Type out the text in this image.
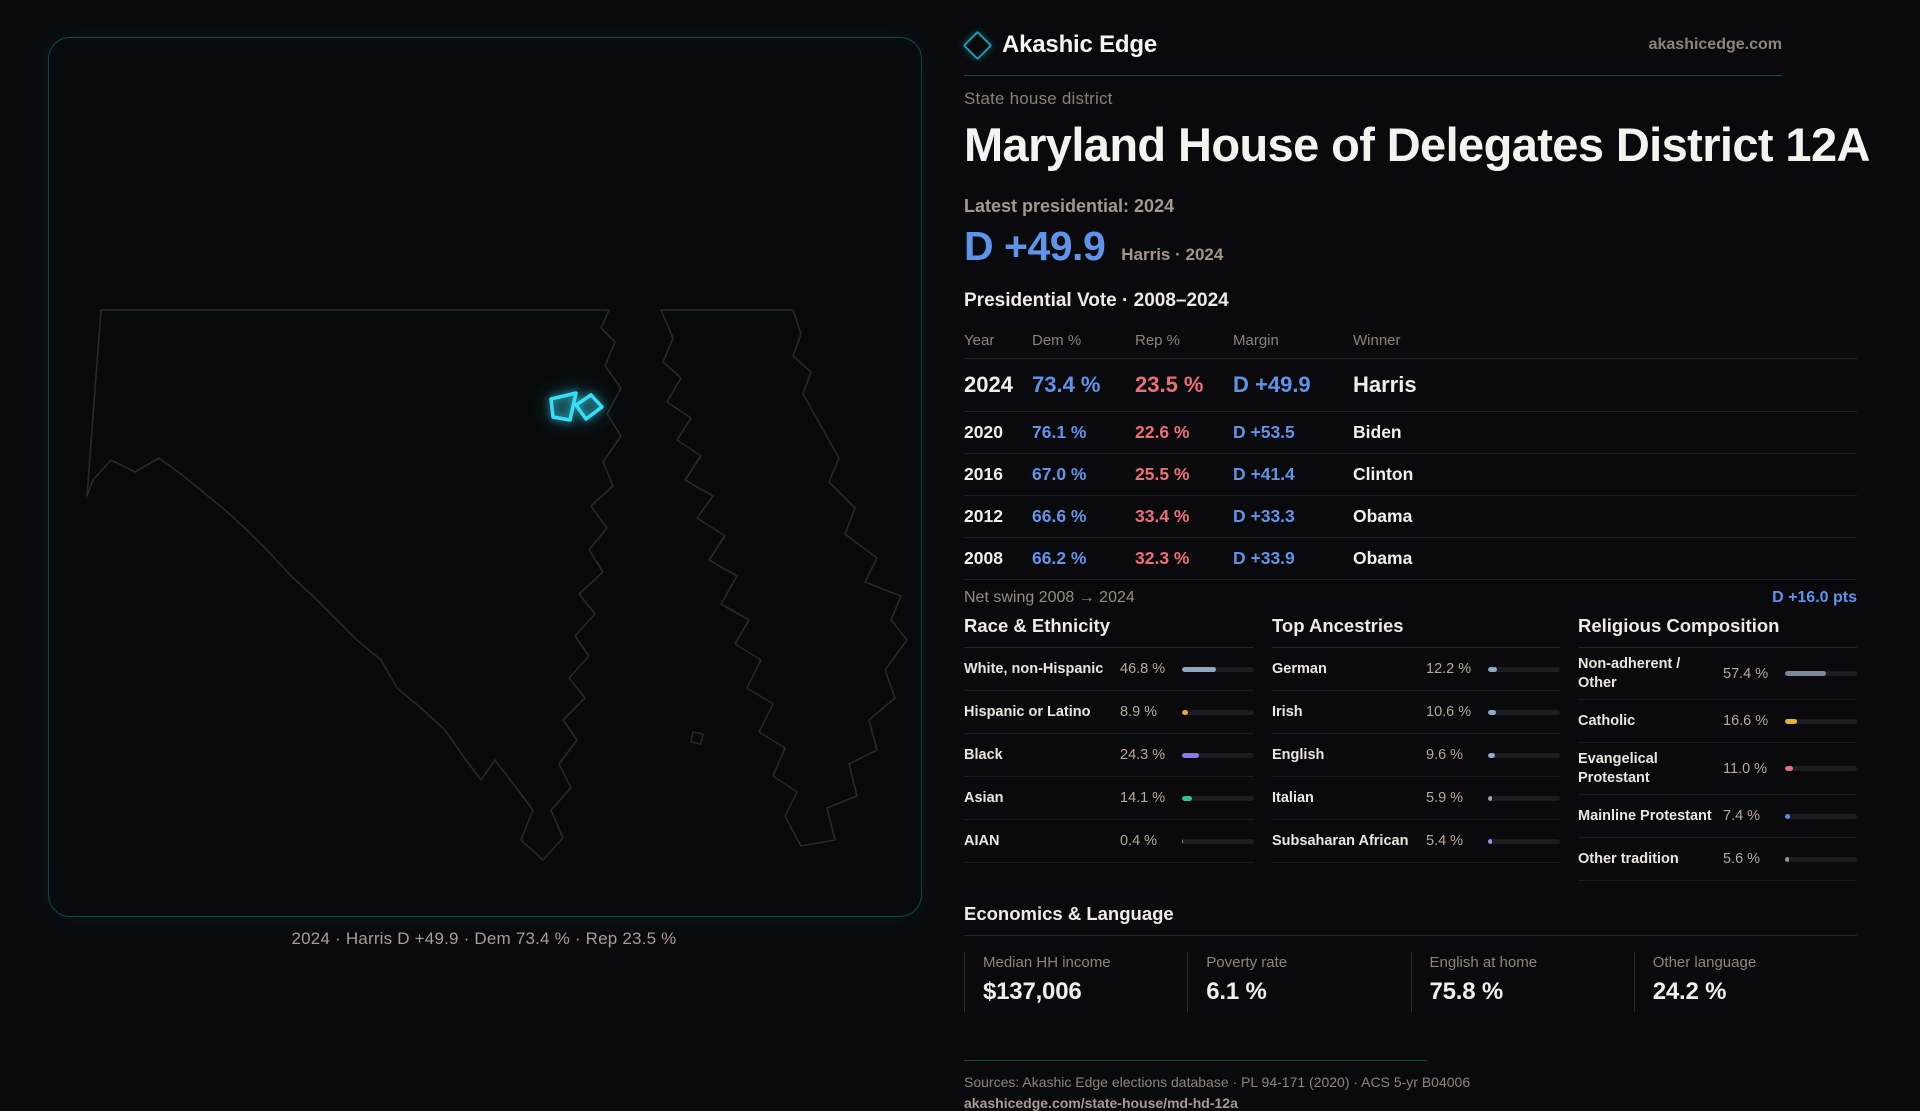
2024 · Harris D +49.9 · Dem 73.4 % · Rep 23.5 %
Akashic Edge	akashicedge.com
State house district
Maryland House of Delegates District 12A
Latest presidential: 2024
D +49.9 Harris · 2024
Presidential Vote · 2008–2024
Year	Dem %	Rep %	Margin	Winner
2024 73.4 %	23.5 %	D +49.9	Harris
2020	76.1 %	22.6 %	D +53.5	Biden
2016	67.0 %	25.5 %	D +41.4	Clinton
2012	66.6 %	33.4 %	D +33.3	Obama
2008	66.2 %	32.3 %	D +33.9	Obama
Net swing 2008 → 2024	D +16.0 pts
Race & Ethnicity
White, non-Hispanic	46.8 %
Hispanic or Latino	8.9 %
Black	24.3 %
Asian	14.1 %
AIAN	0.4 %
Top Ancestries
German	12.2 %
Irish	10.6 %
English	9.6 %
Italian	5.9 %
Subsaharan African	5.4 %
Religious Composition
Non-adherent / Other
57.4 %
Catholic	16.6 %
Evangelical Protestant
11.0 %
Mainline Protestant 7.4 %
Other tradition	5.6 %
Economics & Language
Median HH income
$137,006
Poverty rate
6.1 %
English at home
75.8 %
Other language
24.2 %
Sources: Akashic Edge elections database · PL 94-171 (2020) · ACS 5-yr B04006
akashicedge.com/state-house/md-hd-12a
